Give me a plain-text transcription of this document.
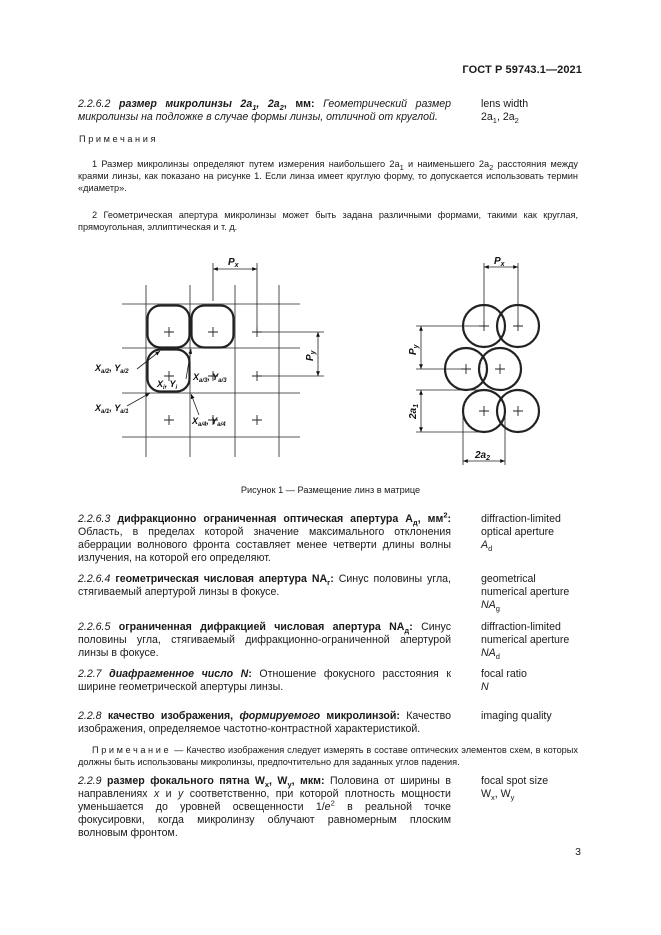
ГОСТ Р 59743.1—2021
2.2.6.2 размер микролинзы $2a_1$, $2a_2$, мм: Геометрический размер микролинзы на подложке в случае формы линзы, отличной от круглой.
lens width
$2a_1$, $2a_2$
Примечания
1 Размер микролинзы определяют путем измерения наибольшего $2a_1$ и наименьшего $2a_2$ расстояния между краями линзы, как показано на рисунке 1. Если линза имеет круглую форму, то допускается использовать термин «диаметр».
2 Геометрическая апертура микролинзы может быть задана различными формами, такими как круглая, прямоугольная, эллиптическая и т. д.
$P_x$
$P_y$
$X_{a/2}$, $Y_{a/2}$
$X_i$, $Y_i$
$X_{a/1}$, $Y_{a/1}$
$X_{a/3}$, $Y_{a/3}$
$X_{a/4}$, $Y_{a/4}$
$P_x$
$P_y$
$2a_1$
$2a_2$
Рисунок 1 — Размещение линз в матрице
2.2.6.3 дифракционно ограниченная оптическая апертура $A_д$, $мм^2$: Область, в пределах которой значение максимального отклонения аберрации волнового фронта составляет менее четверти длины волны излучения, на которой его определяют.
diffraction-limited
optical aperture
$A_d$
2.2.6.4 геометрическая числовая апертура $NA_г$: Синус половины угла, стягиваемый апертурой линзы в фокусе.
geometrical
numerical aperture
$NA_g$
2.2.6.5 ограниченная дифракцией числовая апертура $NA_д$: Синус половины угла, стягиваемый дифракционно-ограниченной апертурой линзы в фокусе.
diffraction-limited
numerical aperture
$NA_d$
2.2.7 диафрагменное число N: Отношение фокусного расстояния к ширине геометрической апертуры линзы.
focal ratio
N
2.2.8 качество изображения, формируемого микролинзой: Качество изображения, определяемое частотно-контрастной характеристикой.
imaging quality
Примечание — Качество изображения следует измерять в составе оптических элементов схем, в которых должны быть использованы микролинзы, предпочтительно для заданных углов падения.
2.2.9 размер фокального пятна $W_x$, $W_y$, мкм: Половина от ширины в направлениях x и y соответственно, при которой плотность мощности уменьшается до уровней освещенности $1/e^2$ в реальной точке фокусировки, когда микролинзу облучают равномерным плоским волновым фронтом.
focal spot size
$W_x$, $W_y$
3
